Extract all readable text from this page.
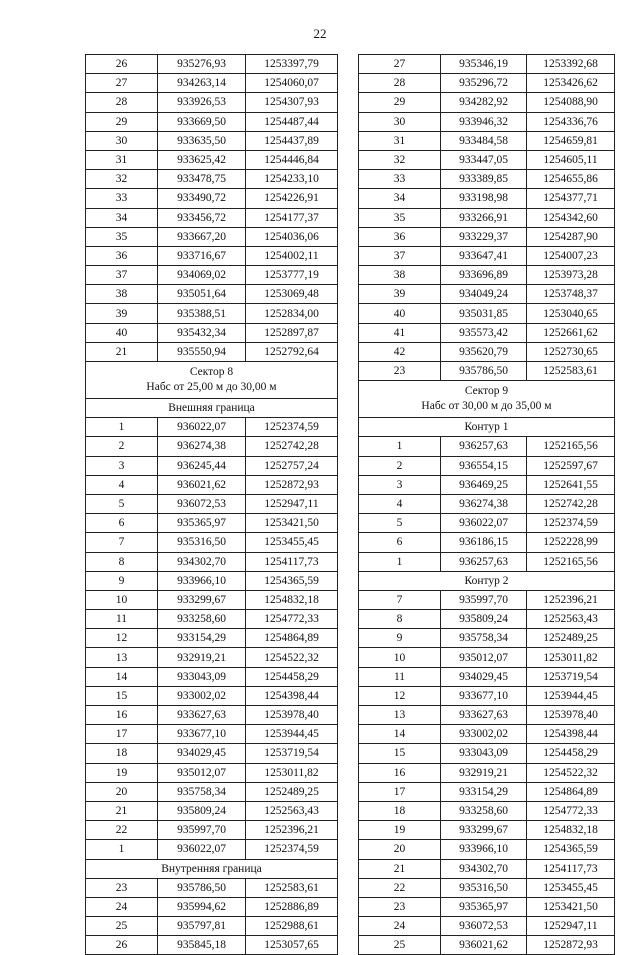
22
26	935276,93	1253397,79
27	934263,14	1254060,07
28	933926,53	1254307,93
29	933669,50	1254487,44
30	933635,50	1254437,89
31	933625,42	1254446,84
32	933478,75	1254233,10
33	933490,72	1254226,91
34	933456,72	1254177,37
35	933667,20	1254036,06
36	933716,67	1254002,11
37	934069,02	1253777,19
38	935051,64	1253069,48
39	935388,51	1252834,00
40	935432,34	1252897,87
21	935550,94	1252792,64

Сектор 8
Набс от 25,00 м до 30,00 м		

Внешняя граница		
1	936022,07	1252374,59
2	936274,38	1252742,28
3	936245,44	1252757,24
4	936021,62	1252872,93
5	936072,53	1252947,11
6	935365,97	1253421,50
7	935316,50	1253455,45
8	934302,70	1254117,73
9	933966,10	1254365,59
10	933299,67	1254832,18
11	933258,60	1254772,33
12	933154,29	1254864,89
13	932919,21	1254522,32
14	933043,09	1254458,29
15	933002,02	1254398,44
16	933627,63	1253978,40
17	933677,10	1253944,45
18	934029,45	1253719,54
19	935012,07	1253011,82
20	935758,34	1252489,25
21	935809,24	1252563,43
22	935997,70	1252396,21
1	936022,07	1252374,59
Внутренняя граница		
23	935786,50	1252583,61
24	935994,62	1252886,89
25	935797,81	1252988,61
26	935845,18	1253057,65
27	935346,19	1253392,68
28	935296,72	1253426,62
29	934282,92	1254088,90
30	933946,32	1254336,76
31	933484,58	1254659,81
32	933447,05	1254605,11
33	933389,85	1254655,86
34	933198,98	1254377,71
35	933266,91	1254342,60
36	933229,37	1254287,90
37	933647,41	1254007,23
38	933696,89	1253973,28
39	934049,24	1253748,37
40	935031,85	1253040,65
41	935573,42	1252661,62
42	935620,79	1252730,65
23	935786,50	1252583,61

Сектор 9
Набс от 30,00 м до 35,00 м		

Контур 1		
1	936257,63	1252165,56
2	936554,15	1252597,67
3	936469,25	1252641,55
4	936274,38	1252742,28
5	936022,07	1252374,59
6	936186,15	1252228,99
1	936257,63	1252165,56
Контур 2		
7	935997,70	1252396,21
8	935809,24	1252563,43
9	935758,34	1252489,25
10	935012,07	1253011,82
11	934029,45	1253719,54
12	933677,10	1253944,45
13	933627,63	1253978,40
14	933002,02	1254398,44
15	933043,09	1254458,29
16	932919,21	1254522,32
17	933154,29	1254864,89
18	933258,60	1254772,33
19	933299,67	1254832,18
20	933966,10	1254365,59
21	934302,70	1254117,73
22	935316,50	1253455,45
23	935365,97	1253421,50
24	936072,53	1252947,11
25	936021,62	1252872,93
